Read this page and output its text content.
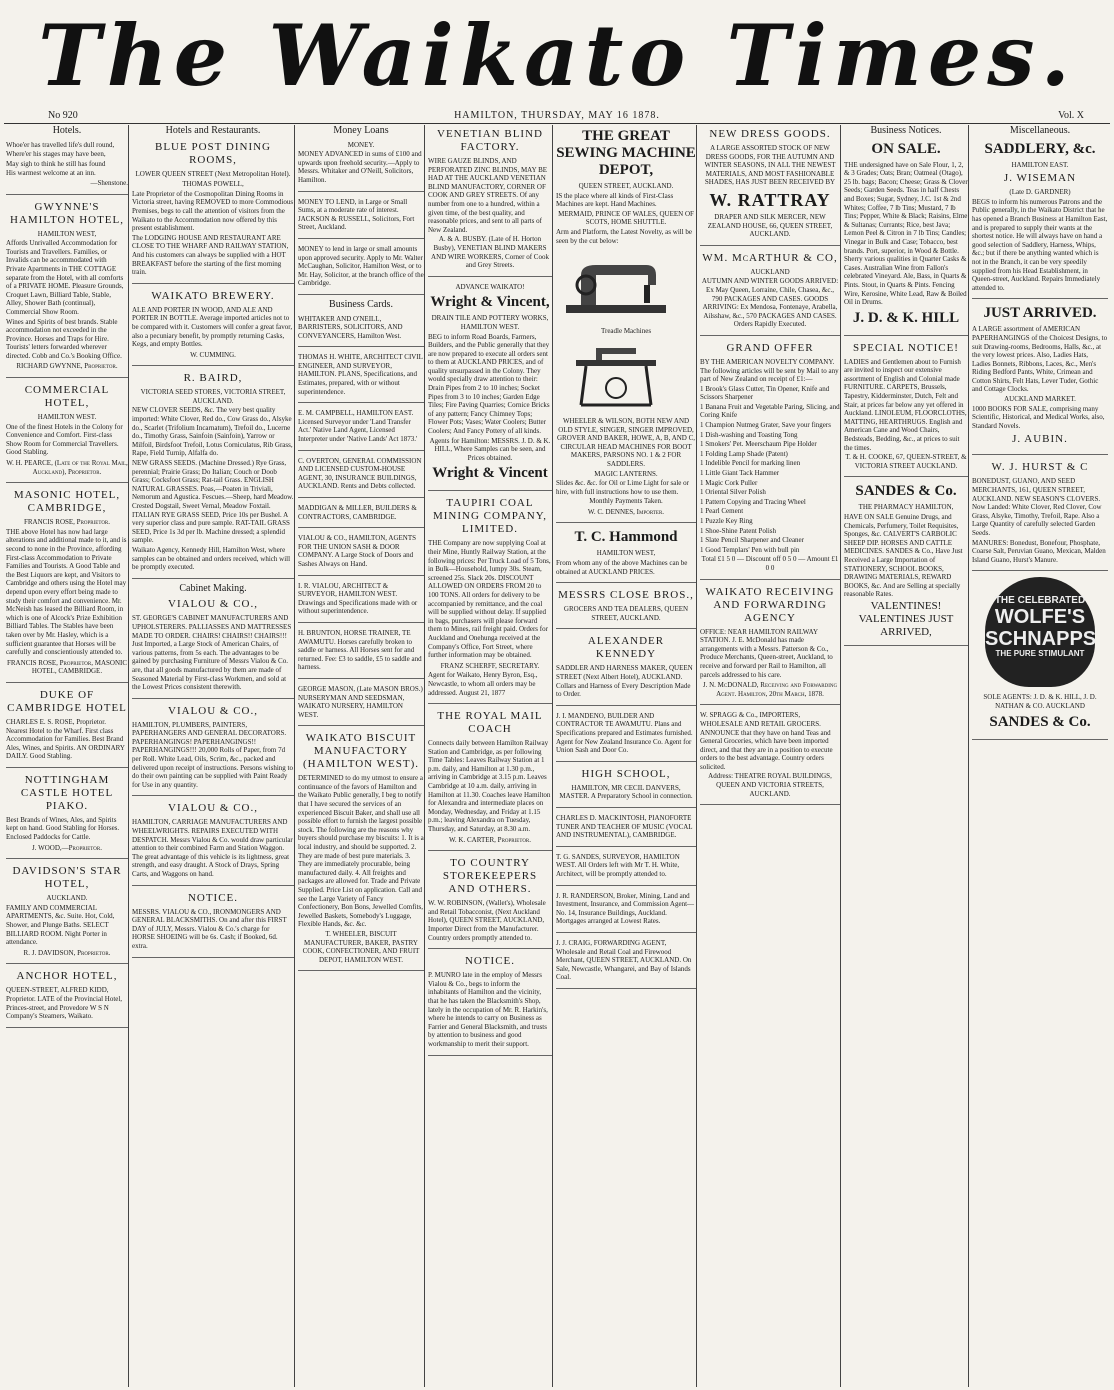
The Waikato Times.
No 920	HAMILTON, THURSDAY, MAY 16 1878.	Vol. X
Hotels.

Whoe'er has travelled life's dull round,

Where'er his stages may have been,

May sigh to think he still has found

His warmest welcome at an inn.

—Shenstone.

GWYNNE'S HAMILTON HOTEL,

HAMILTON WEST,

Affords Unrivalled Accommodation for Tourists and Travellers. Families, or Invalids can be accommodated with Private Apartments in THE COTTAGE separate from the Hotel, with all comforts of a PRIVATE HOME. Pleasure Grounds, Croquet Lawn, Billiard Table, Stable, Alley, Shower Bath (continual), Commercial Show Room.

Wines and Spirits of best brands. Stable accommodation not exceeded in the Province. Horses and Traps for Hire. Tourists' letters forwarded wherever directed. Cobb and Co.'s Booking Office.

RICHARD GWYNNE, Proprietor.

COMMERCIAL HOTEL,

HAMILTON WEST.

One of the finest Hotels in the Colony for Convenience and Comfort. First-class Show Room for Commercial Travellers. Good Stabling.

W. H. PEARCE, (Late of the Royal Mail, Auckland), Proprietor.

MASONIC HOTEL, CAMBRIDGE,

FRANCIS ROSE, Proprietor.

THE above Hotel has now had large alterations and additional made to it, and is second to none in the Province, affording First-class Accommodation to Private Families and Tourists. A Good Table and the Best Liquors are kept, and Visitors to Cambridge and others using the Hotel may depend upon every effort being made to study their comfort and convenience. Mr. McNeish has leased the Billiard Room, in which is one of Alcock's Prize Exhibition Billiard Tables. The Stables have been taken over by Mr. Hasley, which is a sufficient guarantee that Horses will be carefully and conscientiously attended to.

FRANCIS ROSE, Proprietor, MASONIC HOTEL, CAMBRIDGE.

DUKE OF CAMBRIDGE HOTEL

CHARLES E. S. ROSE, Proprietor. Nearest Hotel to the Wharf. First class Accommodation for Families. Best Brand Ales, Wines, and Spirits. AN ORDINARY DAILY. Good Stabling.

NOTTINGHAM CASTLE HOTEL PIAKO.

Best Brands of Wines, Ales, and Spirits kept on hand. Good Stabling for Horses. Enclosed Paddocks for Cattle.

J. WOOD,—Proprietor.

DAVIDSON'S STAR HOTEL,

AUCKLAND.

FAMILY AND COMMERCIAL APARTMENTS, &c. Suite. Hot, Cold, Shower, and Plunge Baths. SELECT BILLIARD ROOM. Night Porter in attendance.

R. J. DAVIDSON, Proprietor.

ANCHOR HOTEL,

QUEEN-STREET, ALFRED KIDD, Proprietor. LATE of the Provincial Hotel, Princes-street, and Provedore W S N Company's Steamers, Waikato.

Hotels and Restaurants.
BLUE POST DINING ROOMS,

LOWER QUEEN STREET (Next Metropolitan Hotel).

THOMAS POWELL,

Late Proprietor of the Cosmopolitan Dining Rooms in Victoria street, having REMOVED to more Commodious Premises, begs to call the attention of visitors from the Waikato to the Accommodation now offered by this present establishment.

The LODGING HOUSE AND RESTAURANT ARE CLOSE TO THE WHARF AND RAILWAY STATION, And his customers can always be supplied with a HOT BREAKFAST before the starting of the first morning train.

WAIKATO BREWERY.

ALE AND PORTER IN WOOD, AND ALE AND PORTER IN BOTTLE. Average imported articles not to be compared with it. Customers will confer a great favor, also a pecuniary benefit, by promptly returning Casks, Kegs, and empty Bottles.

W. CUMMING.

R. BAIRD,

VICTORIA SEED STORES, VICTORIA STREET, AUCKLAND.

NEW CLOVER SEEDS, &c. The very best quality imported: White Clover, Red do., Cow Grass do., Alsyke do., Scarlet (Trifolium Incarnatum), Trefoil do., Lucerne do., Timothy Grass, Sainfoin (Sainfoin), Yarrow or Milfoil, Birdsfoot Trefoil, Lotus Corniculatus, Rib Grass, Rape, Field Turnip, Alfalfa do.

NEW GRASS SEEDS. (Machine Dressed.) Rye Grass, perennial; Prairie Grass; Do Italian; Couch or Doob Grass; Cocksfoot Grass; Rat-tail Grass. ENGLISH NATURAL GRASSES. Poas,—Poaten in Triviali, Nemorum and Agustica. Fescues.—Sheep, hard Meadow. Crested Dogstail, Sweet Vernal, Meadow Foxtail. ITALIAN RYE GRASS SEED, Price 10s per Bushel. A very superior class and pure sample. RAT-TAIL GRASS SEED, Price 1s 3d per lb. Machine dressed; a splendid sample.

Waikato Agency, Kennedy Hill, Hamilton West, where samples can be obtained and orders received, which will be promptly executed.

Cabinet Making.
VIALOU & CO.,

ST. GEORGE'S CABINET MANUFACTURERS AND UPHOLSTERERS. PALLIASSES AND MATTRESSES MADE TO ORDER. CHAIRS! CHAIRS!! CHAIRS!!! Just Imported, a Large Stock of American Chairs, of various patterns, from 5s each. The advantages to be gained by purchasing Furniture of Messrs Vialou & Co. are, that all goods manufactured by them are made of Seasoned Material by First-class Workmen, and sold at the Lowest Prices consistent therewith.

VIALOU & CO.,

HAMILTON, PLUMBERS, PAINTERS, PAPERHANGERS AND GENERAL DECORATORS. PAPERHANGINGS! PAPERHANGINGS!! PAPERHANGINGS!!! 20,000 Rolls of Paper, from 7d per Roll. White Lead, Oils, Scrim, &c., packed and delivered upon receipt of instructions. Persons wishing to do their own painting can be supplied with Paint Ready for Use in any quantity.

VIALOU & CO.,

HAMILTON, CARRIAGE MANUFACTURERS AND WHEELWRIGHTS. REPAIRS EXECUTED WITH DESPATCH. Messrs Vialou & Co. would draw particular attention to their combined Farm and Station Waggon. The great advantage of this vehicle is its lightness, great strength, and easy draught. A Stock of Drays, Spring Carts, and Waggons on hand.

NOTICE.

MESSRS. VIALOU & CO., IRONMONGERS AND GENERAL BLACKSMITHS. On and after this FIRST DAY of JULY, Messrs. Vialou & Co.'s charge for HORSE SHOEING will be 6s. Cash; if Booked, 6d. extra.

Money Loans

MONEY.

MONEY ADVANCED in sums of £100 and upwards upon freehold security.—Apply to Messrs. Whitaker and O'Neill, Solicitors, Hamilton.

MONEY TO LEND, in Large or Small Sums, at a moderate rate of interest. JACKSON & RUSSELL, Solicitors, Fort Street, Auckland.

MONEY to lend in large or small amounts upon approved security. Apply to Mr. Walter McCaughan, Solicitor, Hamilton West, or to Mr. Hay, Solicitor, at the branch office of the Cambridge.

Business Cards.

WHITAKER AND O'NEILL, BARRISTERS, SOLICITORS, AND CONVEYANCERS, Hamilton West.

THOMAS H. WHITE, ARCHITECT CIVIL ENGINEER, AND SURVEYOR, HAMILTON. PLANS, Specifications, and Estimates, prepared, with or without superintendence.

E. M. CAMPBELL, HAMILTON EAST. Licensed Surveyor under 'Land Transfer Act.' Native Land Agent, Licensed Interpreter under 'Native Lands' Act 1873.'

C. OVERTON, GENERAL COMMISSION AND LICENSED CUSTOM-HOUSE AGENT, 30, INSURANCE BUILDINGS, AUCKLAND. Rents and Debts collected.

MADDIGAN & MILLER, BUILDERS & CONTRACTORS, CAMBRIDGE.

VIALOU & CO., HAMILTON, AGENTS FOR THE UNION SASH & DOOR COMPANY. A Large Stock of Doors and Sashes Always on Hand.

I. R. VIALOU, ARCHITECT & SURVEYOR, HAMILTON WEST. Drawings and Specifications made with or without superintendence.

H. BRUNTON, HORSE TRAINER, TE AWAMUTU. Horses carefully broken to saddle or harness. All Horses sent for and returned. Fee: £3 to saddle, £5 to saddle and harness.

GEORGE MASON, (Late MASON BROS.) NURSERYMAN AND SEEDSMAN, WAIKATO NURSERY, HAMILTON WEST.

WAIKATO BISCUIT MANUFACTORY (HAMILTON WEST).

DETERMINED to do my utmost to ensure a continuance of the favors of Hamilton and the Waikato Public generally, I beg to notify that I have secured the services of an experienced Biscuit Baker, and shall use all possible effort to furnish the largest possible stock. The following are the reasons why buyers should purchase my biscuits: 1. It is a local industry, and should be supported. 2. They are made of best pure materials. 3. They are immediately procurable, being manufactured daily. 4. All freights and packages are allowed for. Trade and Private Supplied. Price List on application. Call and see the Large Variety of Fancy Confectionery, Bon Bons, Jewelled Comfits, Jewelled Baskets, Somebody's Luggage, Flexible Hands, &c. &c.

T. WHEELER, BISCUIT MANUFACTURER, BAKER, PASTRY COOK, CONFECTIONER, AND FRUIT DEPOT, HAMILTON WEST.

VENETIAN BLIND FACTORY.

WIRE GAUZE BLINDS, AND PERFORATED ZINC BLINDS, MAY BE HAD AT THE AUCKLAND VENETIAN BLIND MANUFACTORY, CORNER OF COOK AND GREY STREETS. Of any number from one to a hundred, within a given time, of the best quality, and reasonable prices, and sent to all parts of New Zealand.

A. & A. BUSBY. (Late of H. Horton Busby), VENETIAN BLIND MAKERS AND WIRE WORKERS, Corner of Cook and Grey Streets.

ADVANCE WAIKATO!

Wright & Vincent,

DRAIN TILE AND POTTERY WORKS, HAMILTON WEST.

BEG to inform Road Boards, Farmers, Builders, and the Public generally that they are now prepared to execute all orders sent to them at AUCKLAND PRICES, and of quality unsurpassed in the Colony. They would specially draw attention to their: Drain Pipes from 2 to 10 inches; Socket Pipes from 3 to 10 inches; Garden Edge Tiles; Fire Paving Quarries; Cornice Bricks of any pattern; Fancy Chimney Tops; Flower Pots; Vases; Water Coolers; Butter Coolers; And Fancy Pottery of all kinds.

Agents for Hamilton: MESSRS. J. D. & K. HILL, Where Samples can be seen, and Prices obtained.

Wright & Vincent
TAUPIRI COAL MINING COMPANY, LIMITED.

THE Company are now supplying Coal at their Mine, Huntly Railway Station, at the following prices: Per Truck Load of 5 Tons, in Bulk—Household, lumpy 30s. Steam, screened 25s. Slack 20s. DISCOUNT ALLOWED ON ORDERS FROM 20 to 100 TONS. All orders for delivery to be accompanied by remittance, and the coal will be supplied without delay. If supplied in bags, purchasers will please forward them to Mines, rail freight paid. Orders for Auckland and Onehunga received at the Company's Office, Fort Street, where further information may be obtained.

FRANZ SCHERFF, SECRETARY.

Agent for Waikato, Henry Byron, Esq., Newcastle, to whom all orders may be addressed. August 21, 1877

THE ROYAL MAIL COACH

Connects daily between Hamilton Railway Station and Cambridge, as per following Time Tables: Leaves Railway Station at 1 p.m. daily, and Hamilton at 1.30 p.m., arriving in Cambridge at 3.15 p.m. Leaves Cambridge at 10 a.m. daily, arriving in Hamilton at 11.30. Coaches leave Hamilton for Alexandra and intermediate places on Monday, Wednesday, and Friday at 1.15 p.m.; leaving Alexandra on Tuesday, Thursday, and Saturday, at 8.30 a.m.

W. K. CARTER, Proprietor.

TO COUNTRY STOREKEEPERS AND OTHERS.

W. W. ROBINSON, (Wallet's), Wholesale and Retail Tobacconist, (Next Auckland Hotel), QUEEN STREET, AUCKLAND, Importer Direct from the Manufacturer. Country orders promptly attended to.

NOTICE.

P. MUNRO late in the employ of Messrs Vialou & Co., begs to inform the inhabitants of Hamilton and the vicinity, that he has taken the Blacksmith's Shop, lately in the occupation of Mr. R. Harkin's, where he intends to carry on Business as Farrier and General Blacksmith, and trusts by attention to business and good workmanship to merit their support.

THE GREAT SEWING MACHINE DEPOT,

QUEEN STREET, AUCKLAND.

IS the place where all kinds of First-Class Machines are kept. Hand Machines.

MERMAID, PRINCE OF WALES, QUEEN OF SCOTS, HOME SHUTTLE.

Arm and Platform, the Latest Novelty, as will be seen by the cut below:

Treadle Machines

WHEELER & WILSON, BOTH NEW AND OLD STYLE, SINGER, SINGER IMPROVED, GROVER AND BAKER, HOWE, A, B, AND C, CIRCULAR HEAD MACHINES FOR BOOT MAKERS, PARSONS NO. 1 & 2 FOR SADDLERS.

MAGIC LANTERNS.

Slides &c. &c. for Oil or Lime Light for sale or hire, with full instructions how to use them.

Monthly Payments Taken.

W. C. DENNES, Importer.

T. C. Hammond

HAMILTON WEST,

From whom any of the above Machines can be obtained at AUCKLAND PRICES.

MESSRS CLOSE BROS.,

GROCERS AND TEA DEALERS, QUEEN STREET, AUCKLAND.

ALEXANDER KENNEDY

SADDLER AND HARNESS MAKER, QUEEN STREET (Next Albert Hotel), AUCKLAND. Collars and Harness of Every Description Made to Order.

J. I. MANDENO, BUILDER AND CONTRACTOR TE AWAMUTU. Plans and Specifications prepared and Estimates furnished. Agent for New Zealand Insurance Co. Agent for Union Sash and Door Co.

HIGH SCHOOL,

HAMILTON, MR CECIL DANVERS, MASTER. A Preparatory School in connection.

CHARLES D. MACKINTOSH, PIANOFORTE TUNER AND TEACHER OF MUSIC (VOCAL AND INSTRUMENTAL), CAMBRIDGE.

T. G. SANDES, SURVEYOR, HAMILTON WEST. All Orders left with Mr T. H. White, Architect, will be promptly attended to.

J. R. RANDERSON, Broker, Mining, Land and Investment, Insurance, and Commission Agent—No. 14, Insurance Buildings, Auckland. Mortgages arranged at Lowest Rates.

J. J. CRAIG, FORWARDING AGENT, Wholesale and Retail Coal and Firewood Merchant, QUEEN STREET, AUCKLAND. On Sale, Newcastle, Whangarei, and Bay of Islands Coal.

NEW DRESS GOODS.

A LARGE ASSORTED STOCK OF NEW DRESS GOODS, FOR THE AUTUMN AND WINTER SEASONS, IN ALL THE NEWEST MATERIALS, AND MOST FASHIONABLE SHADES, HAS JUST BEEN RECEIVED BY

W. RATTRAY

DRAPER AND SILK MERCER, NEW ZEALAND HOUSE, 66, QUEEN STREET, AUCKLAND.

WM. McARTHUR & CO,

AUCKLAND

AUTUMN AND WINTER GOODS ARRIVED: Ex May Queen, Lorraine, Chile, Chasea, &c., 790 PACKAGES AND CASES. GOODS ARRIVING: Ex Mendosa, Fontenaye, Arabella, Ailsshaw, &c., 570 PACKAGES AND CASES. Orders Rapidly Executed.

GRAND OFFER

BY THE AMERICAN NOVELTY COMPANY. The following articles will be sent by Mail to any part of New Zealand on receipt of £1:—

1 Brook's Glass Cutter, Tin Opener, Knife and Scissors Sharpener

1 Banana Fruit and Vegetable Paring, Slicing, and Coring Knife

1 Champion Nutmeg Grater, Save your fingers

1 Dish-washing and Toasting Tong

1 Smokers' Pet. Meerschaum Pipe Holder

1 Folding Lamp Shade (Patent)

1 Indelible Pencil for marking linen

1 Little Giant Tack Hammer

1 Magic Cork Puller

1 Oriental Silver Polish

1 Pattern Copying and Tracing Wheel

1 Pearl Cement

1 Puzzle Key Ring

1 Shoe-Shine Patent Polish

1 Slate Pencil Sharpener and Cleaner

1 Good Templars' Pen with bull pin

Total £1 5 0 — Discount off 0 5 0 — Amount £1 0 0

WAIKATO RECEIVING AND FORWARDING AGENCY

OFFICE: NEAR HAMILTON RAILWAY STATION. J. E. McDonald has made arrangements with a Messrs. Patterson & Co., Produce Merchants, Queen-street, Auckland, to receive and forward per Rail to Hamilton, all parcels addressed to his care.

J. N. McDONALD, Receiving and Forwarding Agent. Hamilton, 20th March, 1878.

W. SPRAGG & Co., IMPORTERS, WHOLESALE AND RETAIL GROCERS. ANNOUNCE that they have on hand Teas and General Groceries, which have been imported direct, and that they are in a position to execute orders to the best advantage. Country orders solicited.

Address: THEATRE ROYAL BUILDINGS, QUEEN AND VICTORIA STREETS, AUCKLAND.

Business Notices.
ON SALE.

THE undersigned have on Sale Flour, 1, 2, & 3 Grades; Oats; Bran; Oatmeal (Otago), 25 lb. bags; Bacon; Cheese; Grass & Clover Seeds; Garden Seeds. Teas in half Chests and Boxes; Sugar, Sydney, J.C. 1st & 2nd Whites; Coffee, 7 lb Tins; Mustard, 7 lb Tins; Pepper, White & Black; Raisins, Elme & Sultanas; Currants; Rice, best Java; Lemon Peel & Citron in 7 lb Tins; Candles; Vinegar in Bulk and Case; Tobacco, best brands. Port, superior, in Wood & Bottle. Sherry various qualities in Quarter Casks & Cases. Australian Wine from Fallon's celebrated Vineyard. Ale, Bass, in Quarts & Pints. Stout, in Quarts & Pints. Fencing Wire, Kerosine, White Lead, Raw & Boiled Oil in Drums.

J. D. & K. HILL
SPECIAL NOTICE!

LADIES and Gentlemen about to Furnish are invited to inspect our extensive assortment of English and Colonial made FURNITURE. CARPETS, Brussels, Tapestry, Kidderminster, Dutch, Felt and Stair, at prices far below any yet offered in Auckland. LINOLEUM, FLOORCLOTHS, MATTING, HEARTHRUGS. English and American Cane and Wood Chairs, Bedsteads, Bedding, &c., at prices to suit the times.

T. & H. COOKE, 67, QUEEN-STREET, & VICTORIA STREET AUCKLAND.

SANDES & Co.

THE PHARMACY HAMILTON,

HAVE ON SALE Genuine Drugs, and Chemicals, Perfumery, Toilet Requisites, Sponges, &c. CALVERT'S CARBOLIC SHEEP DIP. HORSES AND CATTLE MEDICINES. SANDES & Co., Have Just Received a Large Importation of STATIONERY, SCHOOL BOOKS, DRAWING MATERIALS, REWARD BOOKS, &c. And are Selling at specially reasonable Rates.

VALENTINES! VALENTINES JUST ARRIVED,

Miscellaneous.
SADDLERY, &c.

HAMILTON EAST.

J. WISEMAN

(Late D. GARDNER)

BEGS to inform his numerous Patrons and the Public generally, in the Waikato District that he has opened a Branch Business at Hamilton East, and is prepared to supply their wants at the shortest notice. He will always have on hand a good selection of Saddlery, Harness, Whips, &c.; but if there be anything wanted which is not in the Branch, it can be very speedily supplied from his Head Establishment, in Queen-street, Auckland. Repairs Immediately attended to.

JUST ARRIVED.

A LARGE assortment of AMERICAN PAPERHANGINGS of the Choicest Designs, to suit Drawing-rooms, Bedrooms, Halls, &c., at the very lowest prices. Also, Ladies Hats, Ladies Bonnets, Ribbons, Laces, &c., Men's Riding Bedford Pants, White, Crimean and Cotton Shirts, Felt Hats, Lever Tuder, Gothic and Cottage Clocks.

AUCKLAND MARKET.

1000 BOOKS FOR SALE, comprising many Scientific, Historical, and Medical Works, also, Standard Novels.

J. AUBIN.
W. J. HURST & C

BONEDUST, GUANO, AND SEED MERCHANTS, 161, QUEEN STREET, AUCKLAND. NEW SEASON'S CLOVERS. Now Landed: White Clover, Red Clover, Cow Grass, Alsyke, Timothy, Trefoil, Rape. Also a Large Quantity of carefully selected Garden Seeds.

MANURES: Bonedust, Bonefour, Phosphate, Coarse Salt, Peruvian Guano, Mexican, Malden Island Guano, Hurst's Manure.

THE CELEBRATED
WOLFE'S SCHNAPPS
THE PURE STIMULANT

SOLE AGENTS: J. D. & K. HILL, J. D. NATHAN & CO. AUCKLAND

SANDES & Co.
